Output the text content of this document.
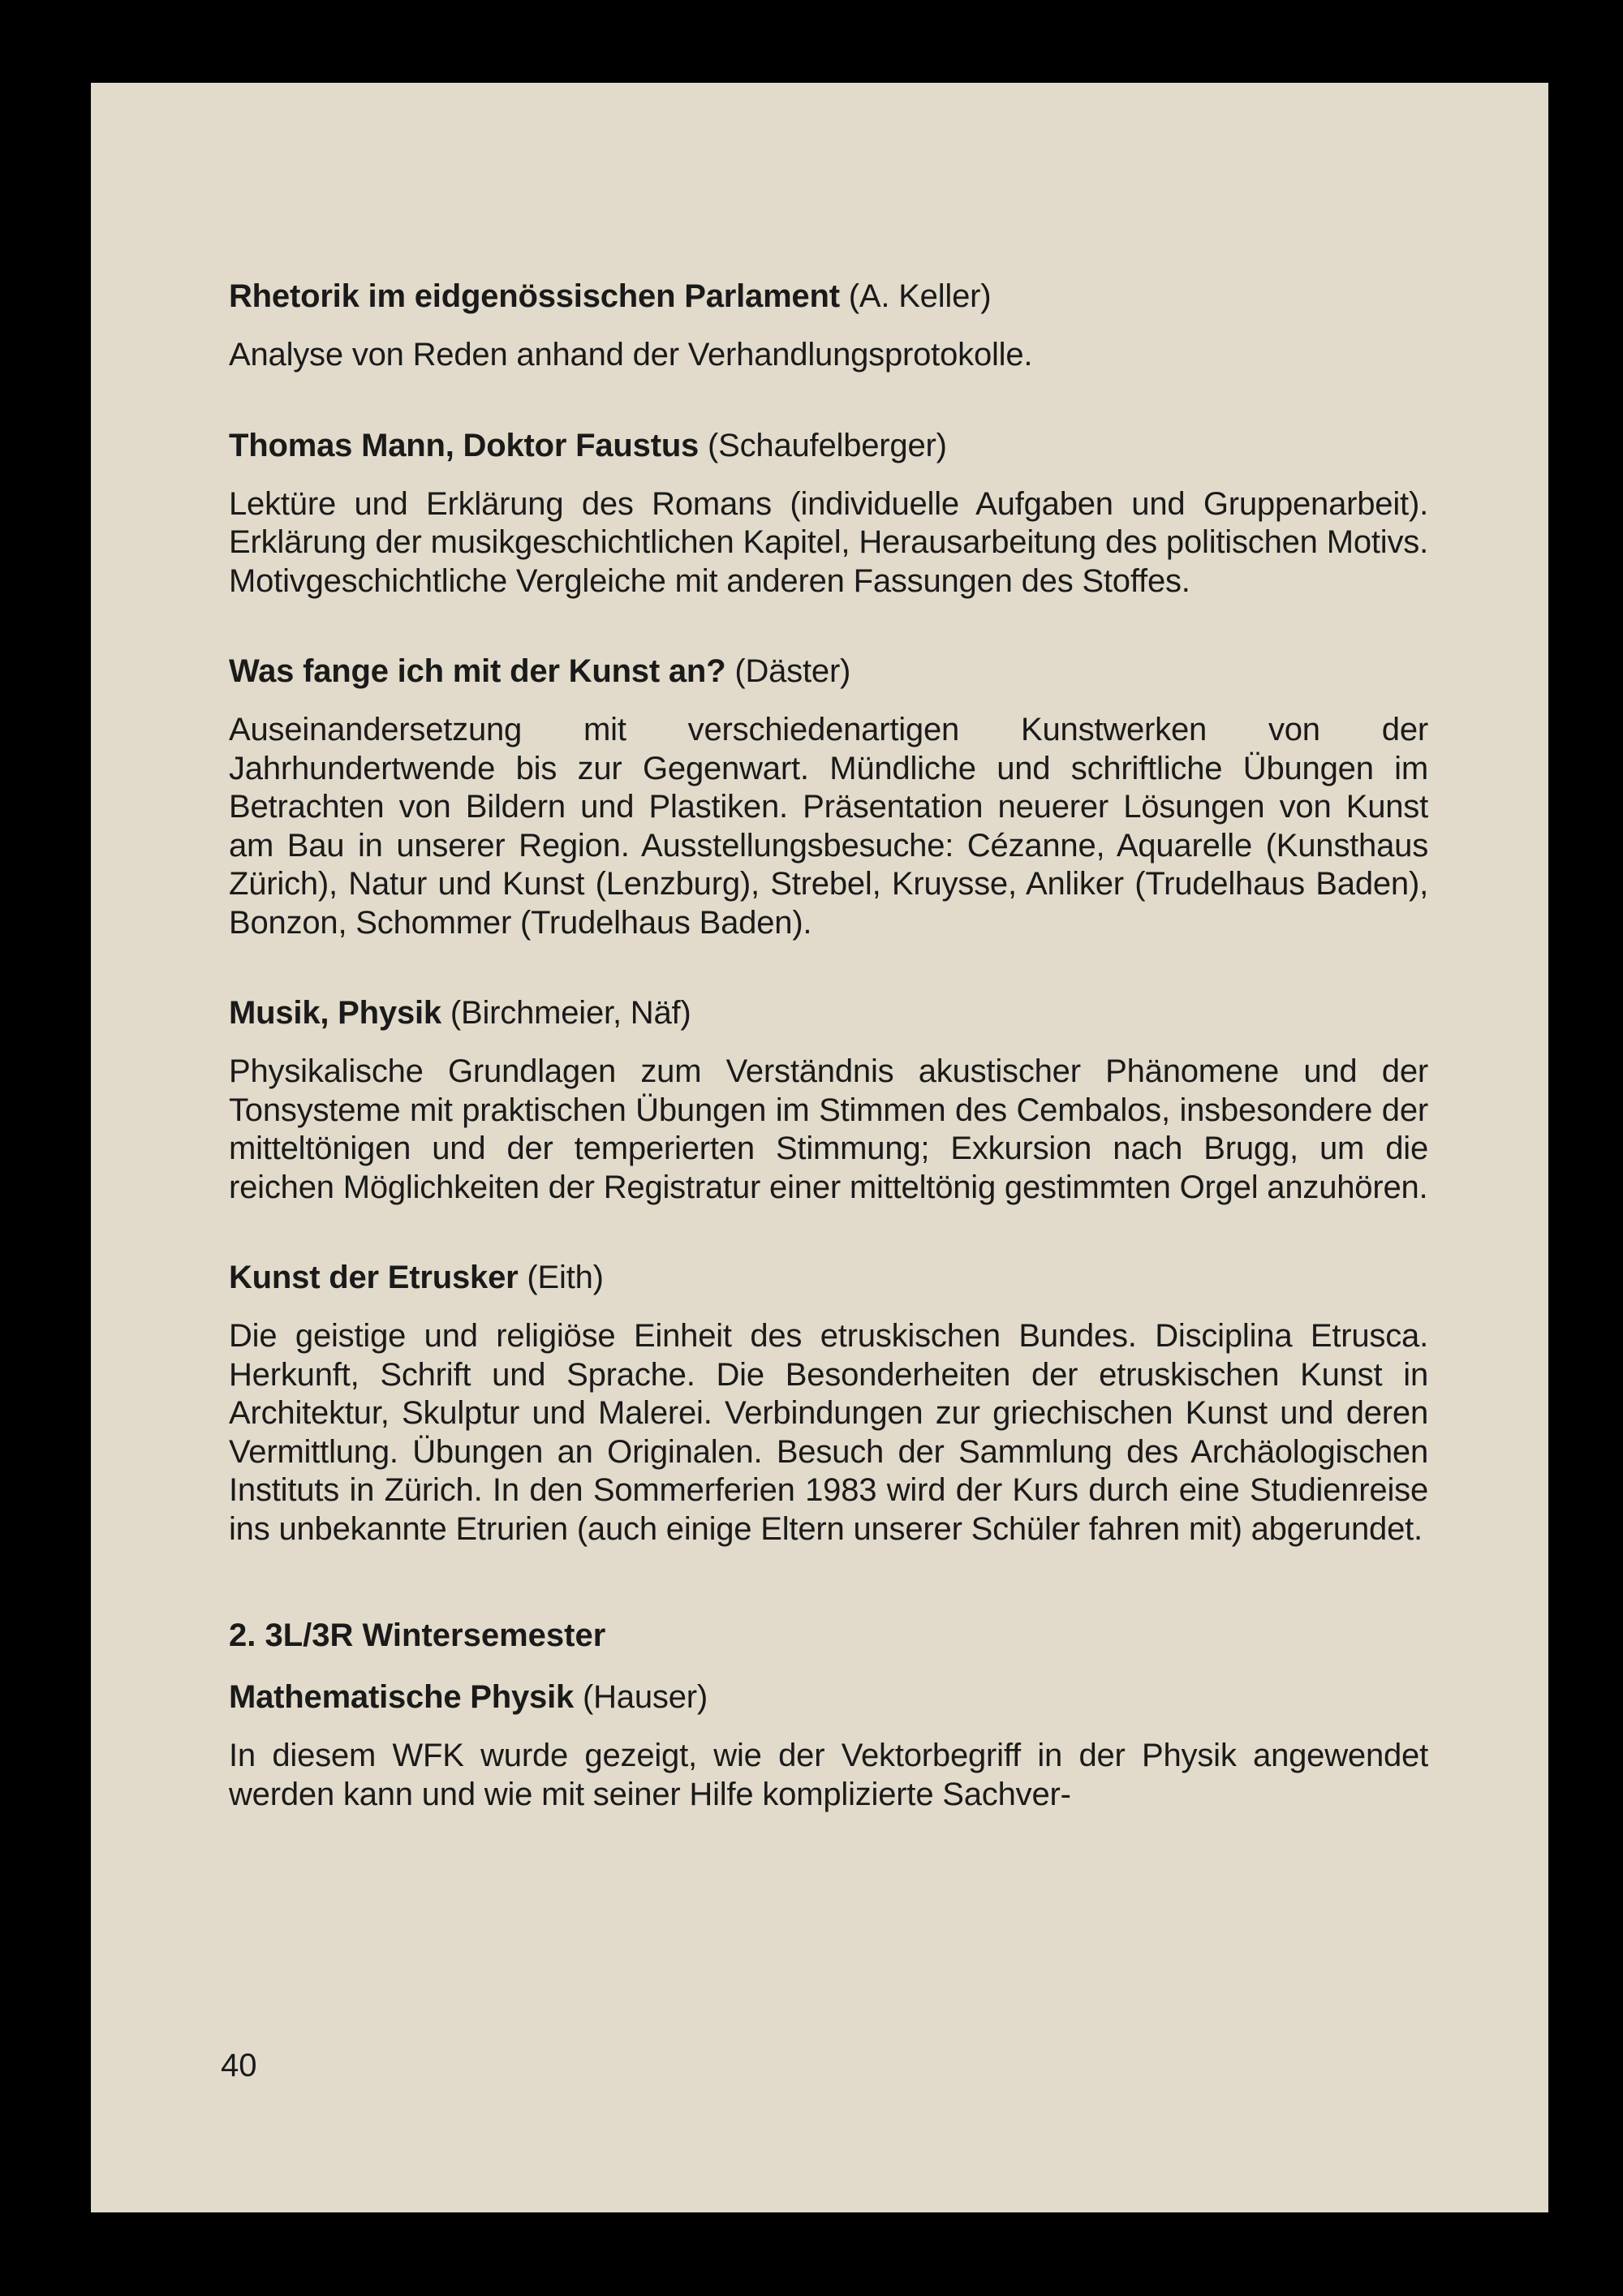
Rhetorik im eidgenössischen Parlament (A. Keller)

Analyse von Reden anhand der Verhandlungsprotokolle.

Thomas Mann, Doktor Faustus (Schaufelberger)

Lektüre und Erklärung des Romans (individuelle Aufgaben und Gruppenarbeit). Erklärung der musikgeschichtlichen Kapitel, Herausarbeitung des politischen Motivs. Motivgeschichtliche Vergleiche mit anderen Fassungen des Stoffes.

Was fange ich mit der Kunst an? (Däster)

Auseinandersetzung mit verschiedenartigen Kunstwerken von der Jahrhundertwende bis zur Gegenwart. Mündliche und schriftliche Übungen im Betrachten von Bildern und Plastiken. Präsentation neuerer Lösungen von Kunst am Bau in unserer Region. Ausstellungsbesuche: Cézanne, Aquarelle (Kunsthaus Zürich), Natur und Kunst (Lenzburg), Strebel, Kruysse, Anliker (Trudelhaus Baden), Bonzon, Schommer (Trudelhaus Baden).

Musik, Physik (Birchmeier, Näf)

Physikalische Grundlagen zum Verständnis akustischer Phänomene und der Tonsysteme mit praktischen Übungen im Stimmen des Cembalos, insbesondere der mitteltönigen und der temperierten Stimmung; Exkursion nach Brugg, um die reichen Möglichkeiten der Registratur einer mitteltönig gestimmten Orgel anzuhören.

Kunst der Etrusker (Eith)

Die geistige und religiöse Einheit des etruskischen Bundes. Disciplina Etrusca. Herkunft, Schrift und Sprache. Die Besonderheiten der etruskischen Kunst in Architektur, Skulptur und Malerei. Verbindungen zur griechischen Kunst und deren Vermittlung. Übungen an Originalen. Besuch der Sammlung des Archäologischen Instituts in Zürich. In den Sommerferien 1983 wird der Kurs durch eine Studienreise ins unbekannte Etrurien (auch einige Eltern unserer Schüler fahren mit) abgerundet.

2. 3L/3R Wintersemester

Mathematische Physik (Hauser)

In diesem WFK wurde gezeigt, wie der Vektorbegriff in der Physik angewendet werden kann und wie mit seiner Hilfe komplizierte Sachver-

40
